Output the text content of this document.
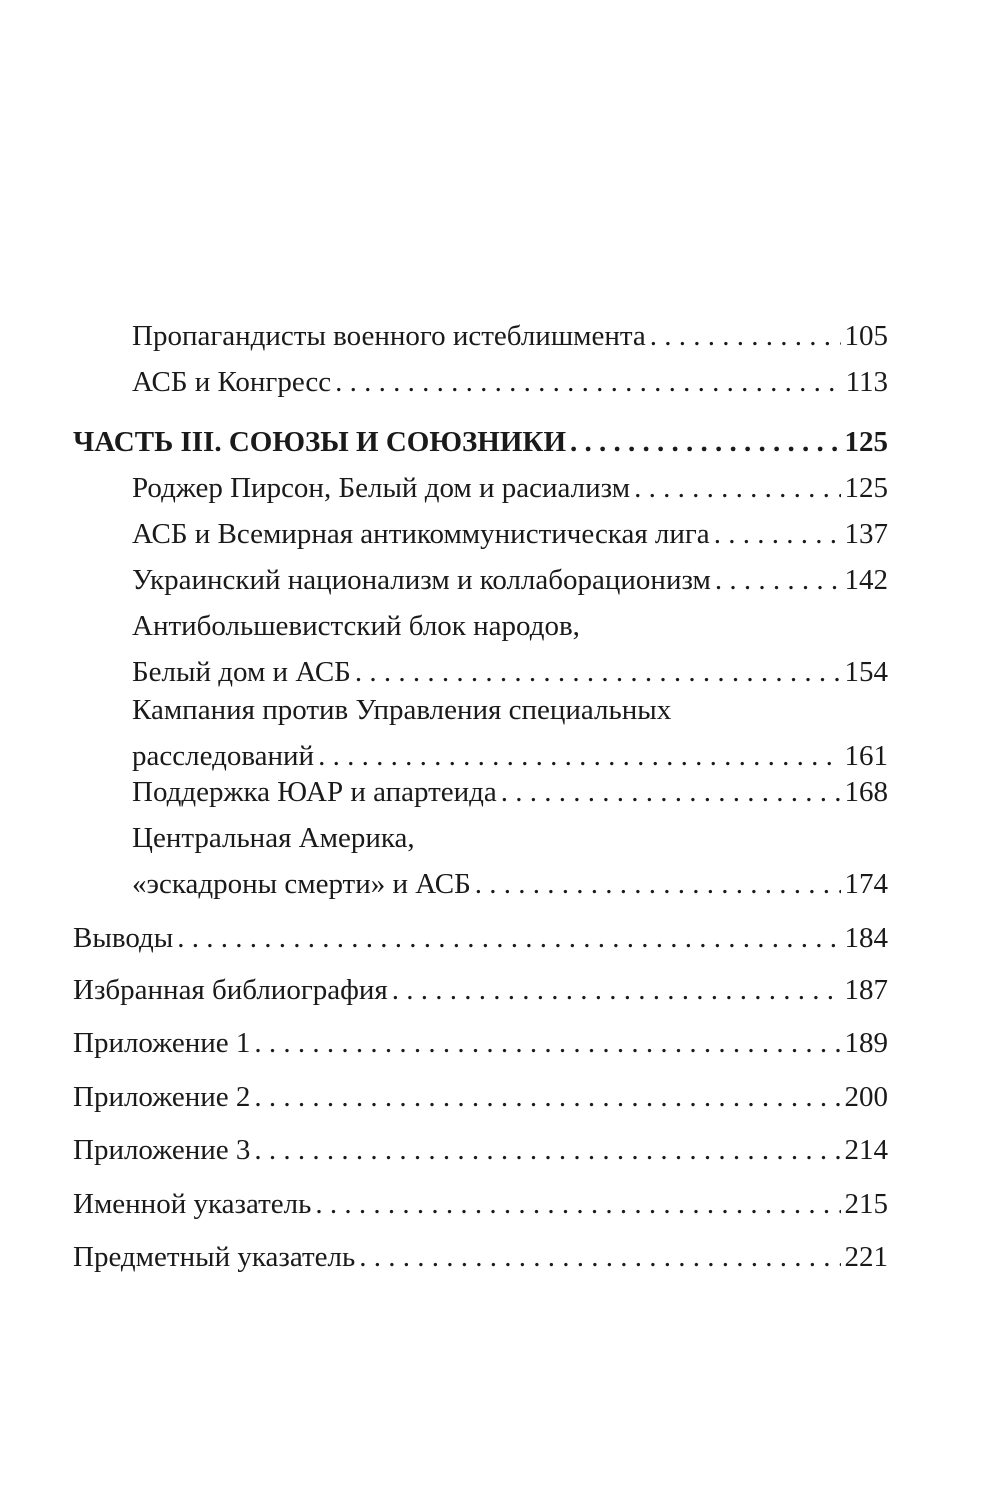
Пропагандисты военного истеблишмента . . .	105
АСБ и Конгресс . . .	113
ЧАСТЬ III. СОЮЗЫ И СОЮЗНИКИ . . .	125
Роджер Пирсон, Белый дом и расиализм . . .	125
АСБ и Всемирная антикоммунистическая лига . . .	137
Украинский национализм и коллаборационизм . . .	142
Антибольшевистский блок народов,
Белый дом и АСБ . . .	154
Кампания против Управления специальных
расследований . . .	161
Поддержка ЮАР и апартеида . . .	168
Центральная Америка,
«эскадроны смерти» и АСБ . . .	174
Выводы . . .	184
Избранная библиография . . .	187
Приложение 1 . . .	189
Приложение 2 . . .	200
Приложение 3 . . .	214
Именной указатель . . .	215
Предметный указатель . . .	221
